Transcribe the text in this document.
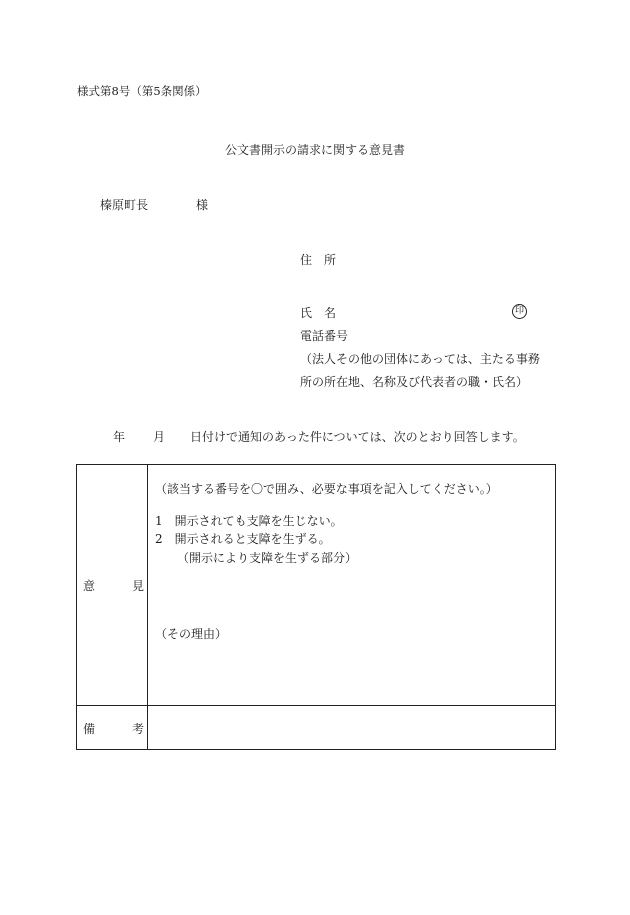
様式第8号（第5条関係）
公文書開示の請求に関する意見書
榛原町長	様
住　所
氏　名	印
電話番号
（法人その他の団体にあっては、主たる事務
所の所在地、名称及び代表者の職・氏名）
年 月 日付けで通知のあった件については、次のとおり回答します。
意	見
（該当する番号を〇で囲み、必要な事項を記入してください。）
1　開示されても支障を生じない。
2　開示されると支障を生ずる。
（開示により支障を生ずる部分）
（その理由）
備	考
